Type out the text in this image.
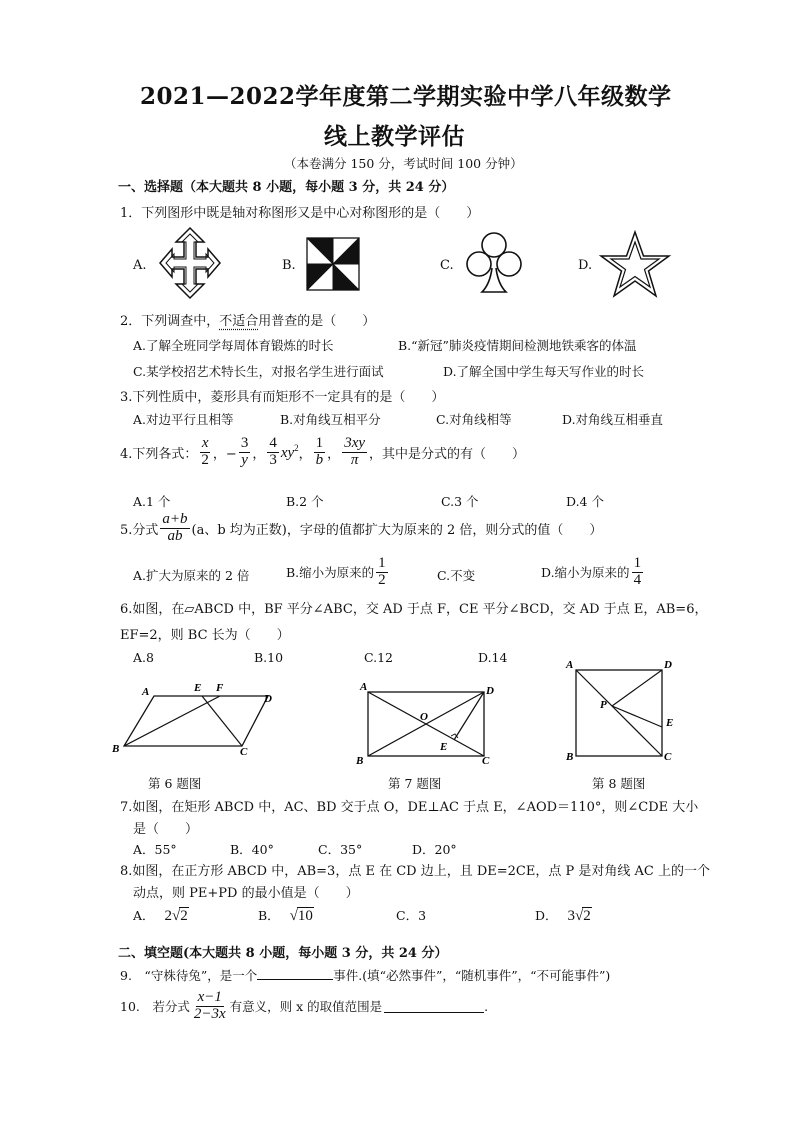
2021—2022学年度第二学期实验中学八年级数学
线上教学评估
（本卷满分 150 分，考试时间 100 分钟）
一、选择题（本大题共 8 小题，每小题 3 分，共 24 分）
1．下列图形中既是轴对称图形又是中心对称图形的是（　　）
A.	B.	C.	D.
2．下列调查中，不适合用普查的是（　　）
A.了解全班同学每周体育锻炼的时长	B.“新冠”肺炎疫情期间检测地铁乘客的体温
C.某学校招艺术特长生，对报名学生进行面试	D.了解全国中学生每天写作业的时长
3.下列性质中，菱形具有而矩形不一定具有的是（　　）
A.对边平行且相等	B.对角线互相平分	C.对角线相等	D.对角线互相垂直
4.下列各式： $\frac{x}{2}$ ，− $\frac{3}{y}$ ， $\frac{4}{3} xy^2$ ， $\frac{1}{b}$ ， $\frac{3xy}{\pi}$ ，其中是分式的有（　　）
A.1 个	B.2 个	C.3 个	D.4 个
5.分式 $\frac{a+b}{ab} (a$、b 均为正数)，字母的值都扩大为原来的 2 倍，则分式的值（　　）
A.扩大为原来的 2 倍	B.缩小为原来的 $\frac{1}{2}$	C.不变	D.缩小为原来的 $\frac{1}{4}$
6.如图，在▱ABCD 中，BF 平分∠ABC，交 AD 于点 F，CE 平分∠BCD，交 AD 于点 E，AB=6，
EF=2，则 BC 长为（　　）
A.8	B.10	C.12	D.14
A	E F
D
B	C
第 6 题图
A	D
O
E
B	C
第 7 题图
A	D
P
E
B	C
第 8 题图
7.如图，在矩形 ABCD 中，AC、BD 交于点 O，DE⊥AC 于点 E，∠AOD＝110°，则∠CDE 大小
是（　　）
A．55°	B．40°	C．35°	D．20°
8.如图，在正方形 ABCD 中，AB=3，点 E 在 CD 边上，且 DE=2CE，点 P 是对角线 AC 上的一个
动点，则 PE+PD 的最小值是（　　）
A． 2√2	B． √10	C．3	D． 3√2
二、填空题(本大题共 8 小题，每小题 3 分，共 24 分）
9.　“守株待兔”，是一个	事件.(填“必然事件”，“随机事件”，“不可能事件”)
10.　若分式 $\frac{x-1}{2-3x}$ 有意义，则 x 的取值范围是	.
